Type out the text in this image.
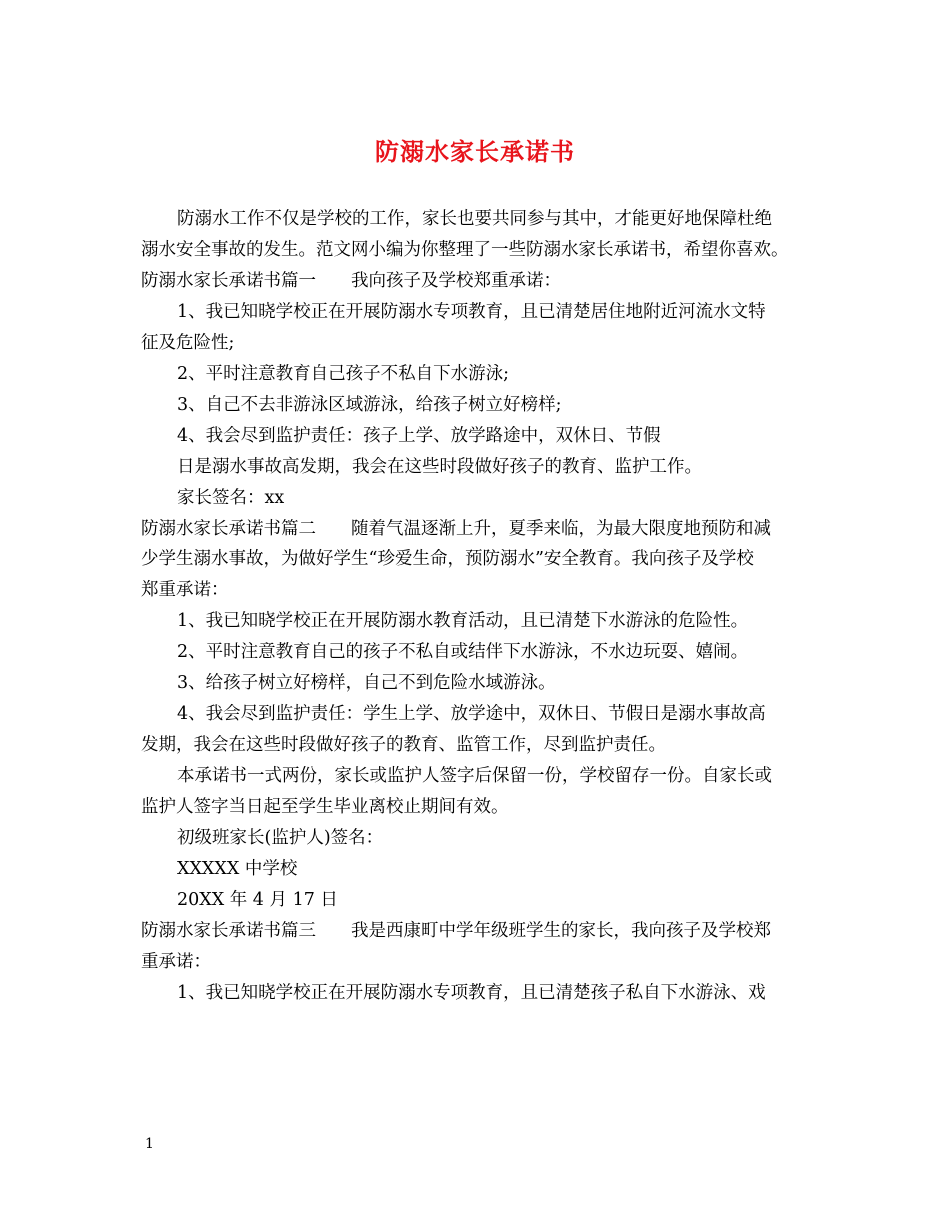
防溺水家长承诺书
防溺水工作不仅是学校的工作，家长也要共同参与其中，才能更好地保障杜绝
溺水安全事故的发生。范文网小编为你整理了一些防溺水家长承诺书，希望你喜欢。
防溺水家长承诺书篇一　　我向孩子及学校郑重承诺：
1、我已知晓学校正在开展防溺水专项教育，且已清楚居住地附近河流水文特
征及危险性;
2、平时注意教育自己孩子不私自下水游泳;
3、自己不去非游泳区域游泳，给孩子树立好榜样;
4、我会尽到监护责任：孩子上学、放学路途中，双休日、节假
日是溺水事故高发期，我会在这些时段做好孩子的教育、监护工作。
家长签名：xx
防溺水家长承诺书篇二　　随着气温逐渐上升，夏季来临，为最大限度地预防和减
少学生溺水事故，为做好学生“珍爱生命，预防溺水”安全教育。我向孩子及学校
郑重承诺：
1、我已知晓学校正在开展防溺水教育活动，且已清楚下水游泳的危险性。
2、平时注意教育自己的孩子不私自或结伴下水游泳，不水边玩耍、嬉闹。
3、给孩子树立好榜样，自己不到危险水域游泳。
4、我会尽到监护责任：学生上学、放学途中，双休日、节假日是溺水事故高
发期，我会在这些时段做好孩子的教育、监管工作，尽到监护责任。
本承诺书一式两份，家长或监护人签字后保留一份，学校留存一份。自家长或
监护人签字当日起至学生毕业离校止期间有效。
初级班家长(监护人)签名：
XXXXX 中学校
20XX 年 4 月 17 日
防溺水家长承诺书篇三　　我是西康町中学年级班学生的家长，我向孩子及学校郑
重承诺：
1、我已知晓学校正在开展防溺水专项教育，且已清楚孩子私自下水游泳、戏
1
